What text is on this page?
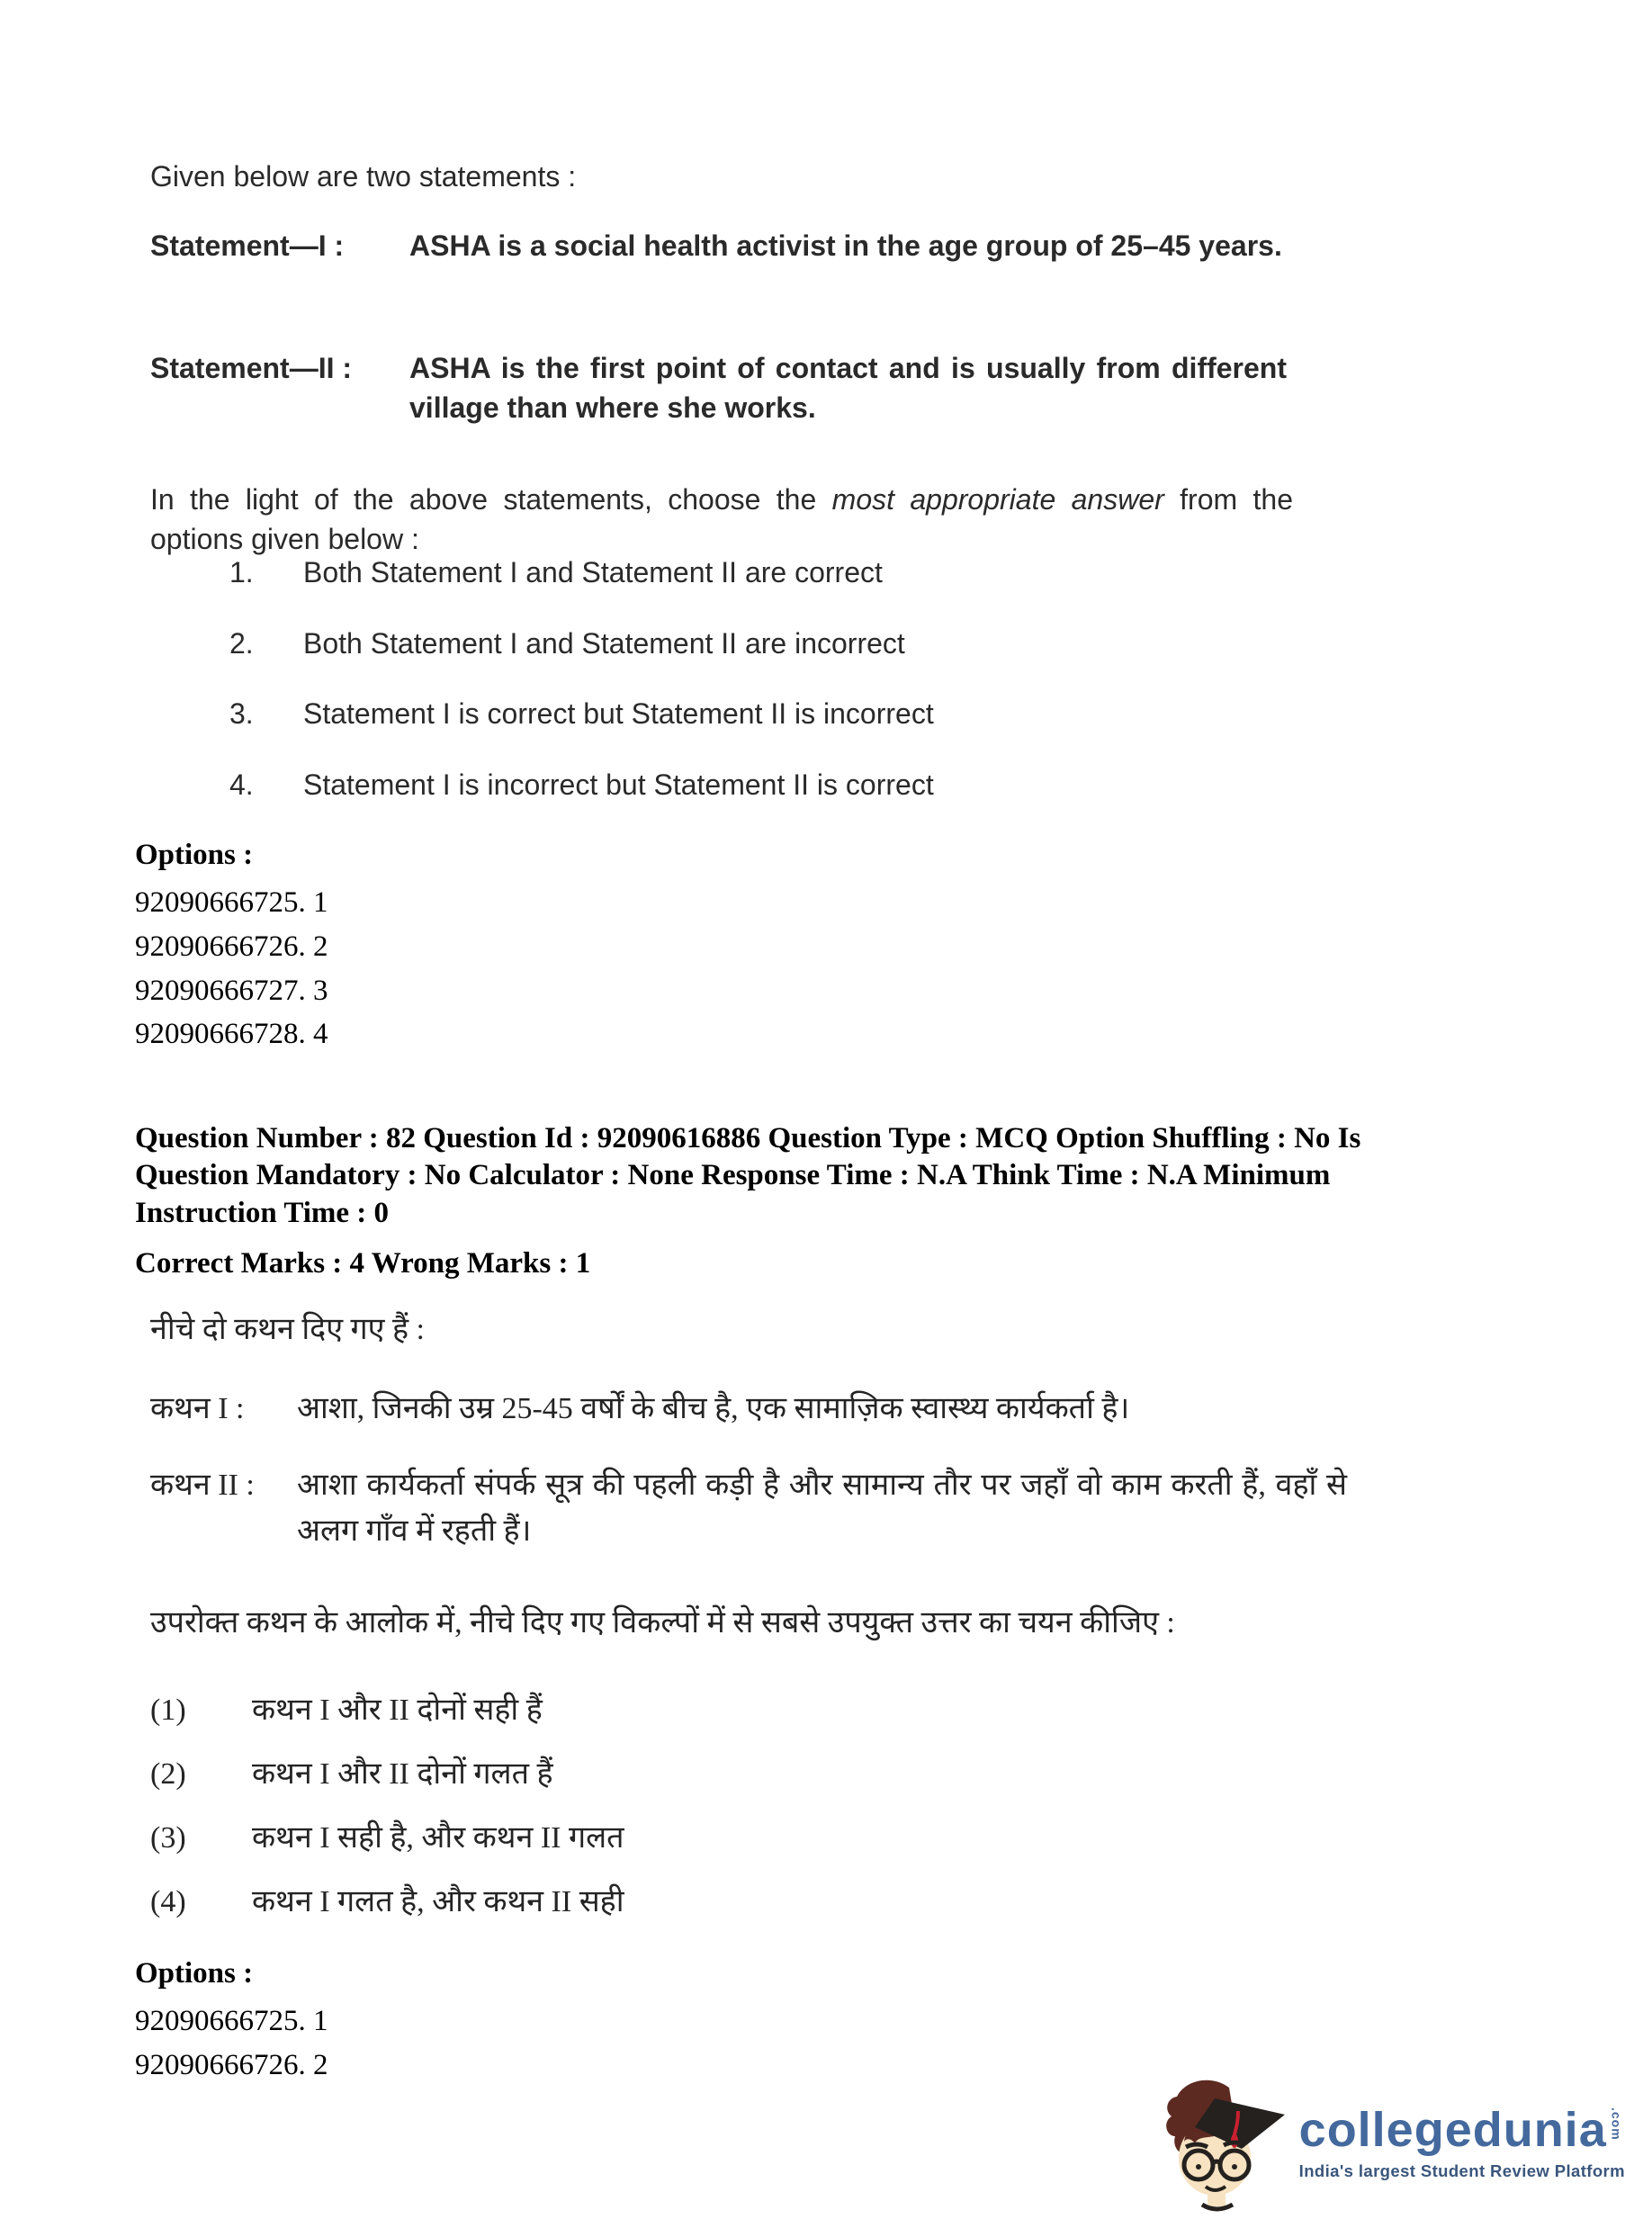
Given below are two statements :
Statement—I :	ASHA is a social health activist in the age group of 25–45 years.
Statement—II :	ASHA is the first point of contact and is usually from different village than where she works.

In the light of the above statements, choose the most appropriate answer from the options given below :

1.	Both Statement I and Statement II are correct
2.	Both Statement I and Statement II are incorrect
3.	Statement I is correct but Statement II is incorrect
4.	Statement I is incorrect but Statement II is correct
Options :
92090666725. 1
92090666726. 2
92090666727. 3
92090666728. 4
Question Number : 82 Question Id : 92090616886 Question Type : MCQ Option Shuffling : No Is
Question Mandatory : No Calculator : None Response Time : N.A Think Time : N.A Minimum
Instruction Time : 0
Correct Marks : 4 Wrong Marks : 1
नीचे दो कथन दिए गए हैं :
कथन I :	आशा, जिनकी उम्र 25-45 वर्षों के बीच है, एक सामाज़िक स्वास्थ्य कार्यकर्ता है।
कथन II :	आशा कार्यकर्ता संपर्क सूत्र की पहली कड़ी है और सामान्य तौर पर जहाँ वो काम करती हैं, वहाँ से अलग गाँव में रहती हैं।
उपरोक्त कथन के आलोक में, नीचे दिए गए विकल्पों में से सबसे उपयुक्त उत्तर का चयन कीजिए :
(1)	कथन I और II दोनों सही हैं
(2)	कथन I और II दोनों गलत हैं
(3)	कथन I सही है, और कथन II गलत
(4)	कथन I गलत है, और कथन II सही
Options :
92090666725. 1
92090666726. 2
collegedunia .com
India's largest Student Review Platform
